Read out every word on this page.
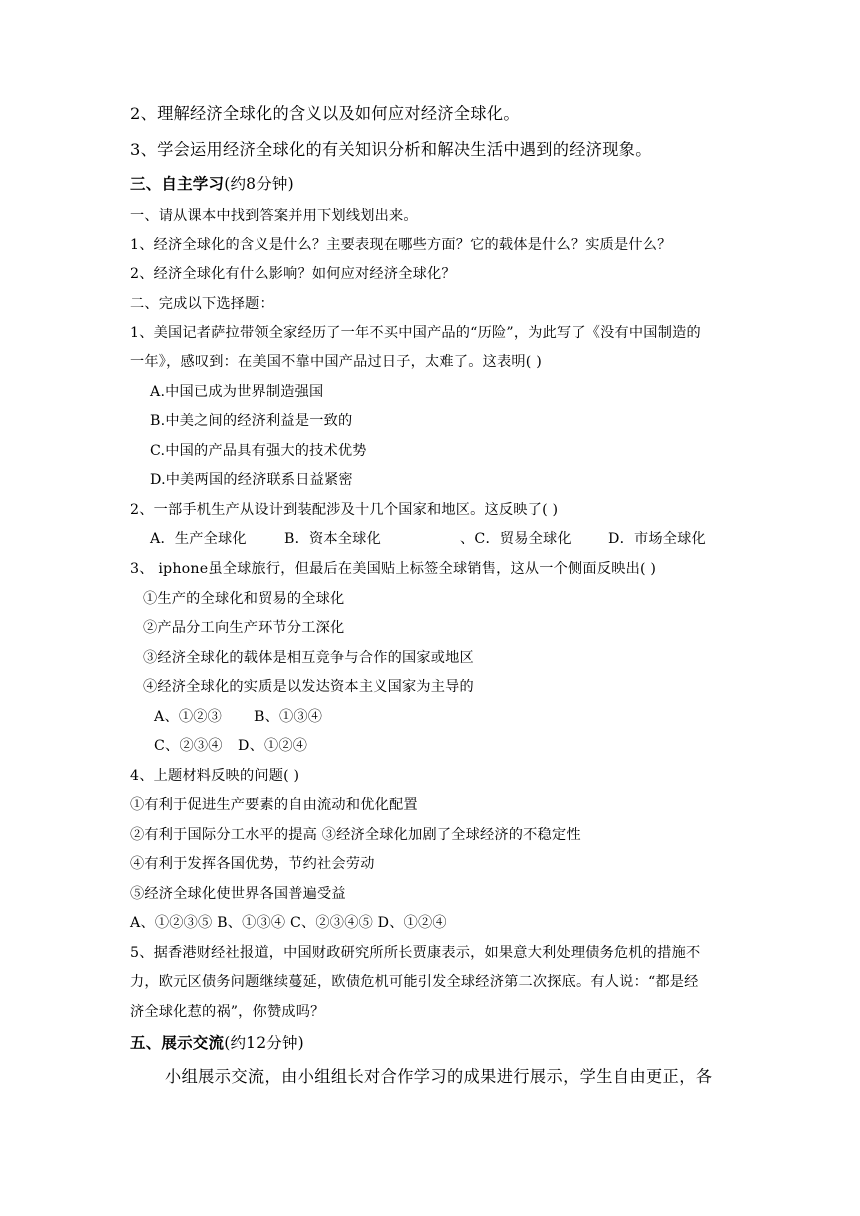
2、理解经济全球化的含义以及如何应对经济全球化。
3、学会运用经济全球化的有关知识分析和解决生活中遇到的经济现象。
三、自主学习(约8分钟)
一、请从课本中找到答案并用下划线划出来。
1、经济全球化的含义是什么？主要表现在哪些方面？它的载体是什么？实质是什么？
2、经济全球化有什么影响？如何应对经济全球化？
二、完成以下选择题：
1、美国记者萨拉带领全家经历了一年不买中国产品的“历险”，为此写了《没有中国制造的
一年》，感叹到：在美国不靠中国产品过日子，太难了。这表明( )
A.中国已成为世界制造强国
B.中美之间的经济利益是一致的
C.中国的产品具有强大的技术优势
D.中美两国的经济联系日益紧密
2、一部手机生产从设计到装配涉及十几个国家和地区。这反映了( )
A．生产全球化	B．资本全球化	、C．贸易全球化	D．市场全球化
3、 iphone虽全球旅行，但最后在美国贴上标签全球销售，这从一个侧面反映出( )
①生产的全球化和贸易的全球化
②产品分工向生产环节分工深化
③经济全球化的载体是相互竞争与合作的国家或地区
④经济全球化的实质是以发达资本主义国家为主导的
A、①②③ B、①③④
C、②③④ D、①②④
4、上题材料反映的问题( )
①有利于促进生产要素的自由流动和优化配置
②有利于国际分工水平的提高 ③经济全球化加剧了全球经济的不稳定性
④有利于发挥各国优势，节约社会劳动
⑤经济全球化使世界各国普遍受益
A、①②③⑤ B、①③④ C、②③④⑤ D、①②④
5、据香港财经社报道，中国财政研究所所长贾康表示，如果意大利处理债务危机的措施不
力，欧元区债务问题继续蔓延，欧债危机可能引发全球经济第二次探底。有人说：“都是经
济全球化惹的祸”，你赞成吗？
五、展示交流(约12分钟)
小组展示交流，由小组组长对合作学习的成果进行展示，学生自由更正，各
